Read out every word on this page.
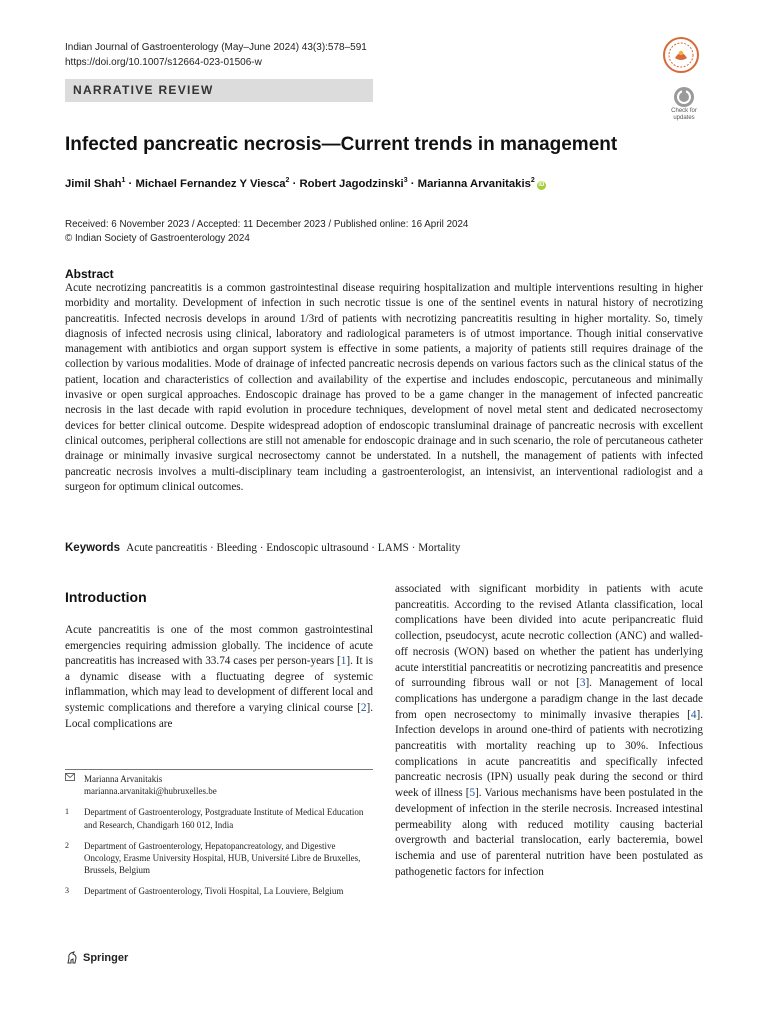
Indian Journal of Gastroenterology (May–June 2024) 43(3):578–591
https://doi.org/10.1007/s12664-023-01506-w
NARRATIVE REVIEW
Check for updates
Infected pancreatic necrosis—Current trends in management
Jimil Shah$^1$ · Michael Fernandez Y Viesca$^2$ · Robert Jagodzinski$^3$ · Marianna Arvanitakis$^2$iD
Received: 6 November 2023 / Accepted: 11 December 2023 / Published online: 16 April 2024
© Indian Society of Gastroenterology 2024
Abstract
Acute necrotizing pancreatitis is a common gastrointestinal disease requiring hospitalization and multiple interventions resulting in higher morbidity and mortality. Development of infection in such necrotic tissue is one of the sentinel events in natural history of necrotizing pancreatitis. Infected necrosis develops in around 1/3rd of patients with necrotizing pancreatitis resulting in higher mortality. So, timely diagnosis of infected necrosis using clinical, laboratory and radiological parameters is of utmost importance. Though initial conservative management with antibiotics and organ support system is effective in some patients, a majority of patients still requires drainage of the collection by various modalities. Mode of drainage of infected pancreatic necrosis depends on various factors such as the clinical status of the patient, location and characteristics of collection and availability of the expertise and includes endoscopic, percutaneous and minimally invasive or open surgical approaches. Endoscopic drainage has proved to be a game changer in the management of infected pancreatic necrosis in the last decade with rapid evolution in procedure techniques, development of novel metal stent and dedicated necrosectomy devices for better clinical outcome. Despite widespread adoption of endoscopic transluminal drainage of pancreatic necrosis with excellent clinical outcomes, peripheral collections are still not amenable for endoscopic drainage and in such scenario, the role of percutaneous catheter drainage or minimally invasive surgical necrosectomy cannot be understated. In a nutshell, the management of patients with infected pancreatic necrosis involves a multi-disciplinary team including a gastroenterologist, an intensivist, an interventional radiologist and a surgeon for optimum clinical outcomes.
Keywords Acute pancreatitis · Bleeding · Endoscopic ultrasound · LAMS · Mortality
Introduction
Acute pancreatitis is one of the most common gastrointestinal emergencies requiring admission globally. The incidence of acute pancreatitis has increased with 33.74 cases per person-years [1]. It is a dynamic disease with a fluctuating degree of systemic inflammation, which may lead to development of different local and systemic complications and therefore a varying clinical course [2]. Local complications are
associated with significant morbidity in patients with acute pancreatitis. According to the revised Atlanta classification, local complications have been divided into acute peripancreatic fluid collection, pseudocyst, acute necrotic collection (ANC) and walled-off necrosis (WON) based on whether the patient has underlying acute interstitial pancreatitis or necrotizing pancreatitis and presence of surrounding fibrous wall or not [3]. Management of local complications has undergone a paradigm change in the last decade from open necrosectomy to minimally invasive therapies [4]. Infection develops in around one-third of patients with necrotizing pancreatitis with mortality reaching up to 30%. Infectious complications in acute pancreatitis and specifically infected pancreatic necrosis (IPN) usually peak during the second or third week of illness [5]. Various mechanisms have been postulated in the development of infection in the sterile necrosis. Increased intestinal permeability along with reduced motility causing bacterial overgrowth and bacterial translocation, early bacteremia, bowel ischemia and use of parenteral nutrition have been postulated as pathogenetic factors for infection
Marianna Arvanitakis
marianna.arvanitaki@hubruxelles.be
1	Department of Gastroenterology, Postgraduate Institute of Medical Education and Research, Chandigarh 160 012, India
2	Department of Gastroenterology, Hepatopancreatology, and Digestive Oncology, Erasme University Hospital, HUB, Université Libre de Bruxelles, Brussels, Belgium
3	Department of Gastroenterology, Tivoli Hospital, La Louviere, Belgium
Springer
